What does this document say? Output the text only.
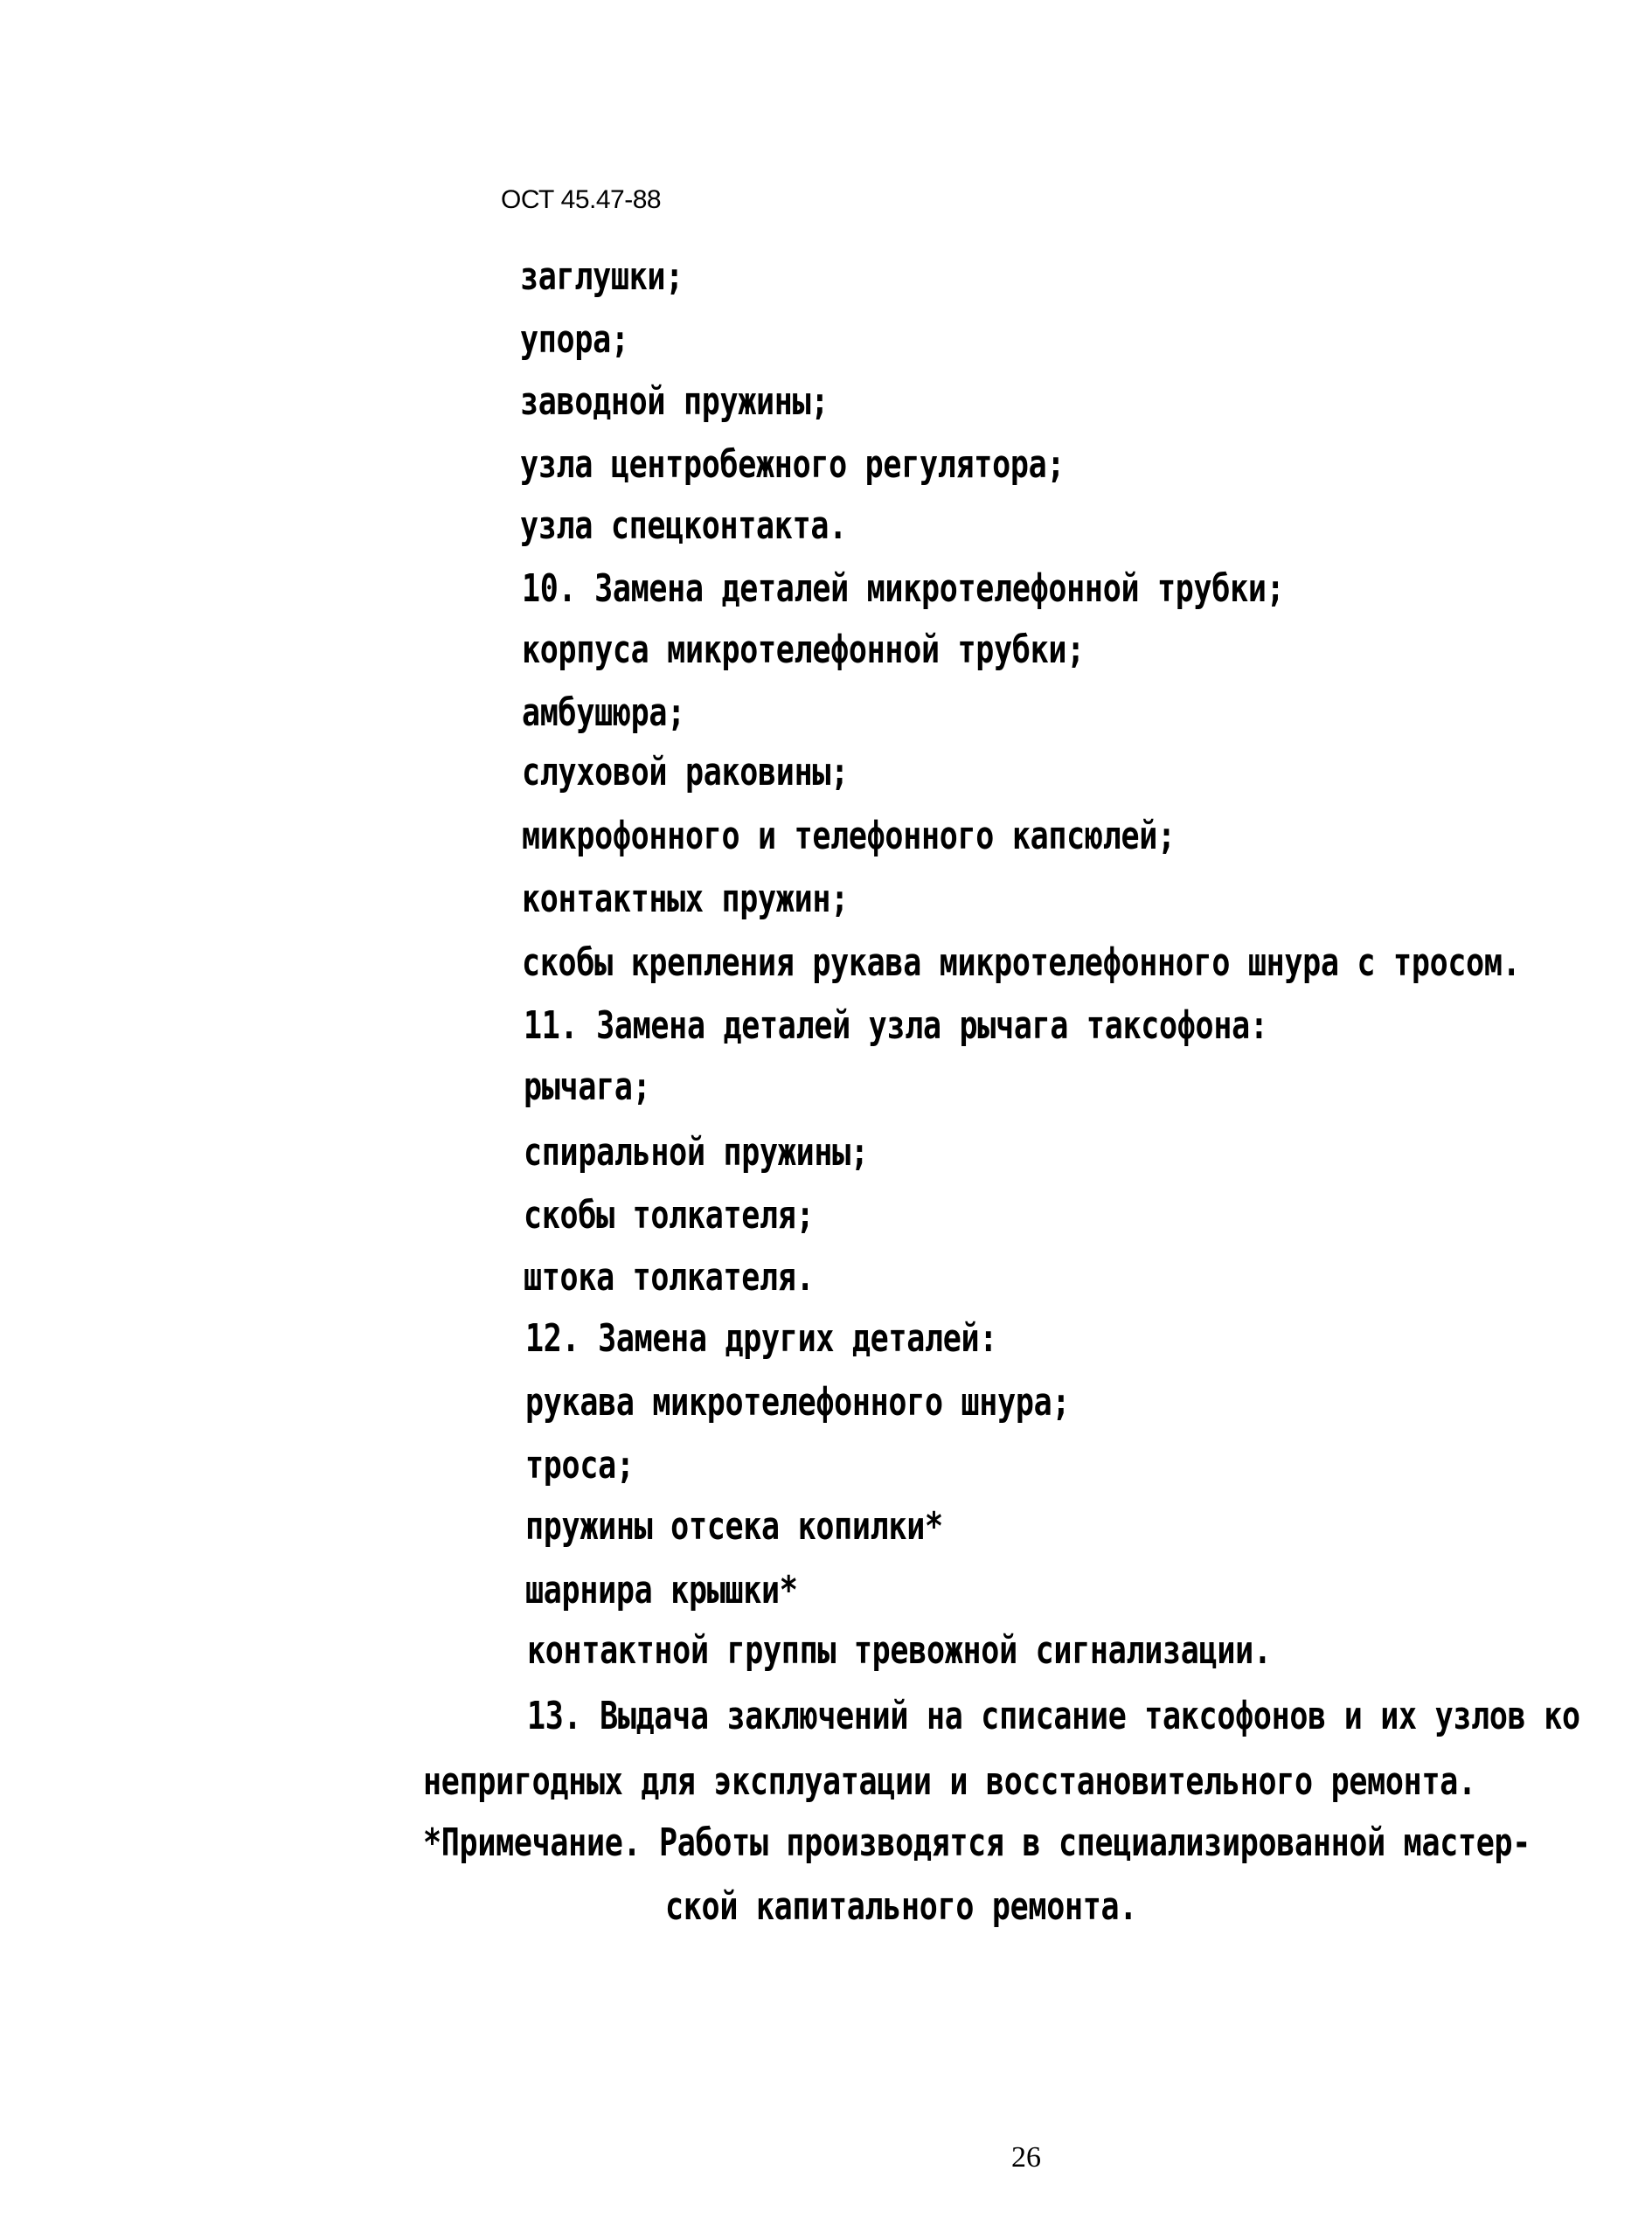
ОСТ 45.47-88
заглушки;
упора;
заводной пружины;
узла центробежного регулятора;
узла спецконтакта.
10. Замена деталей микротелефонной трубки;
корпуса микротелефонной трубки;
амбушюра;
слуховой раковины;
микрофонного и телефонного капсюлей;
контактных пружин;
скобы крепления рукава микротелефонного шнура с тросом.
11. Замена деталей узла рычага таксофона:
рычага;
спиральной пружины;
скобы толкателя;
штока толкателя.
12. Замена других деталей:
рукава микротелефонного шнура;
троса;
пружины отсека копилки*
шарнира крышки*
контактной группы тревожной сигнализации.
13. Выдача заключений на списание таксофонов и их узлов ко
непригодных для эксплуатации и восстановительного ремонта.
*Примечание. Работы производятся в специализированной мастер-
ской капитального ремонта.
26
